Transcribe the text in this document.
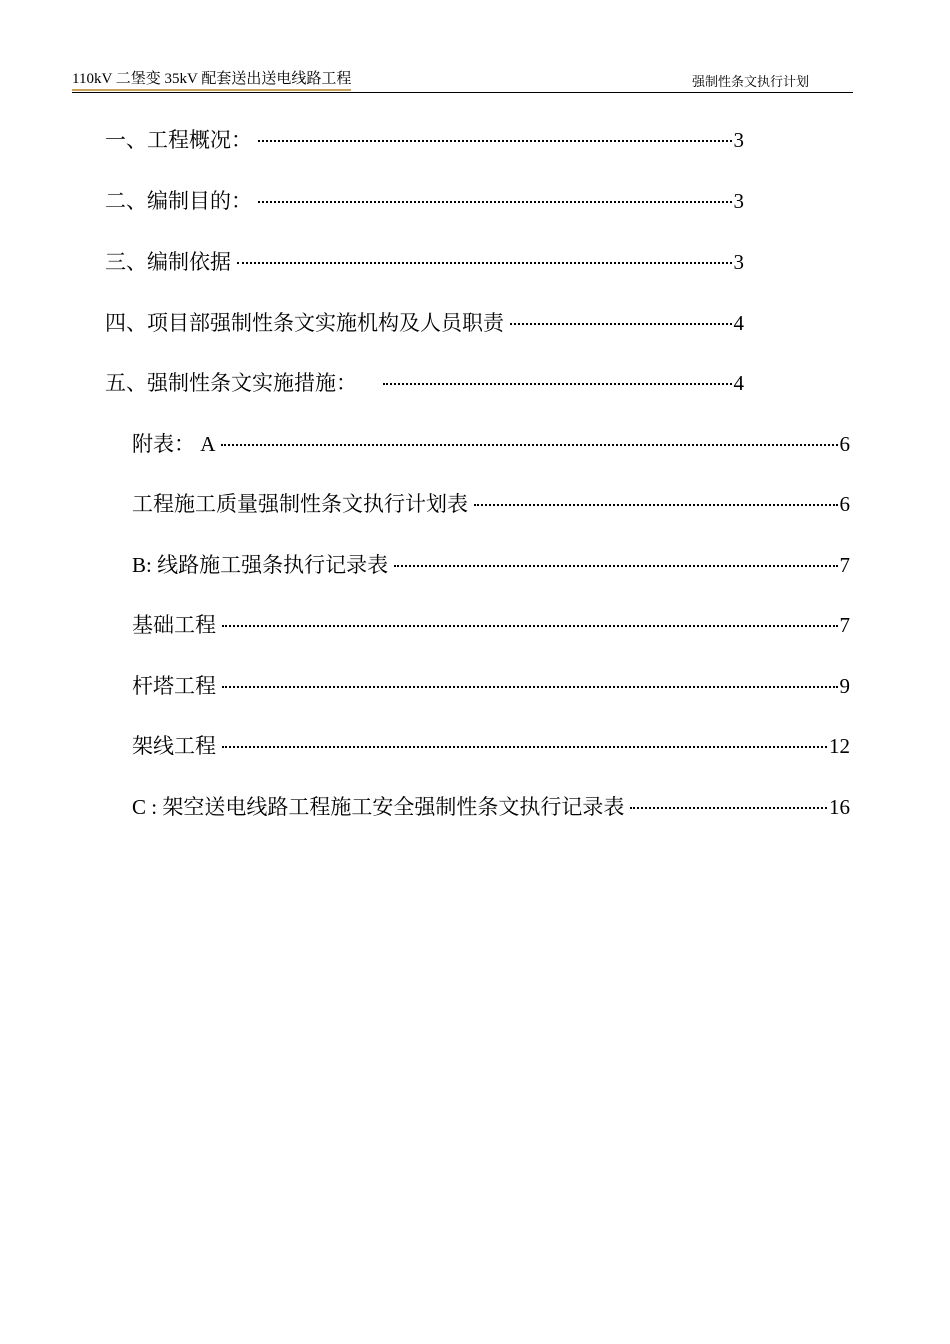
110kV 二堡变 35kV 配套送出送电线路工程	强制性条文执行计划
一、工程概况：	3
二、编制目的：	3
三、编制依据	3
四、项目部强制性条文实施机构及人员职责	4
五、强制性条文实施措施：	4
附表： A	6
工程施工质量强制性条文执行计划表	6
B: 线路施工强条执行记录表	7
基础工程	7
杆塔工程	9
架线工程	12
C : 架空送电线路工程施工安全强制性条文执行记录表	16
